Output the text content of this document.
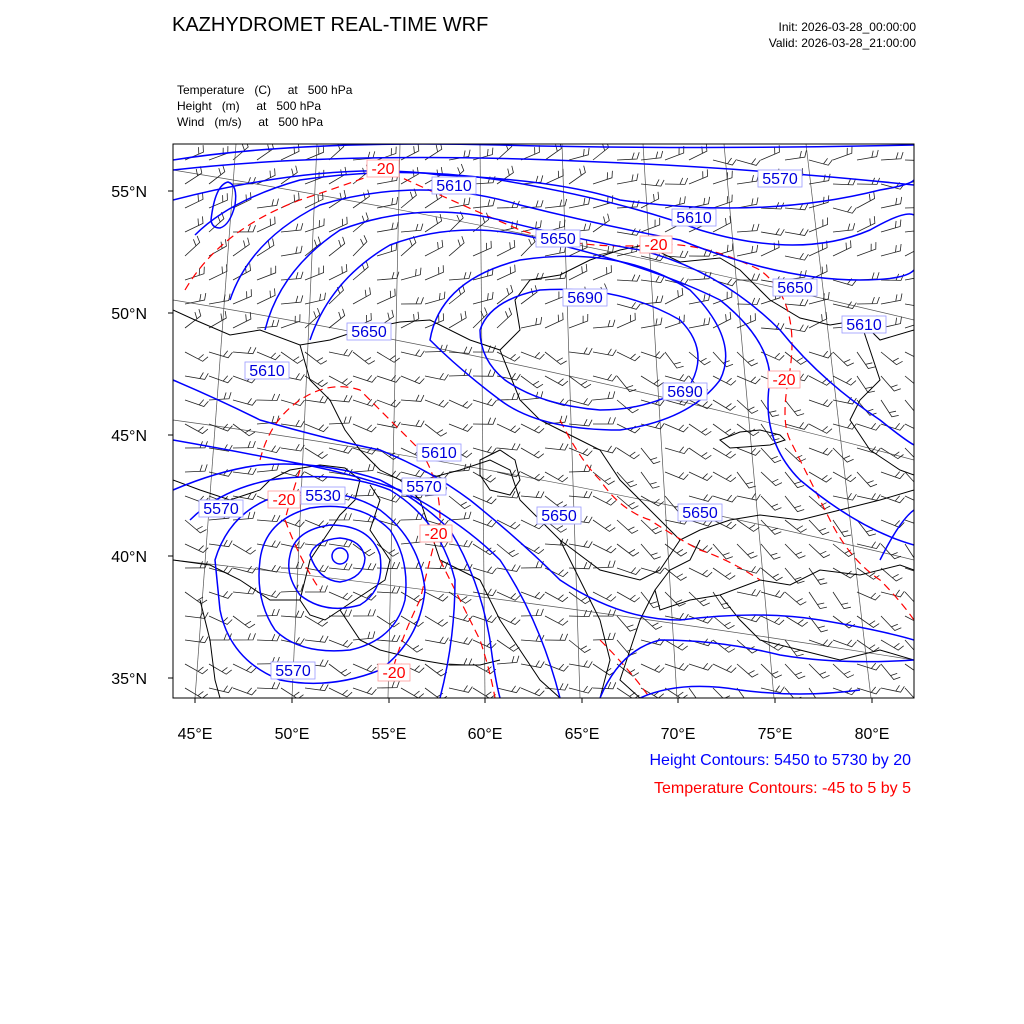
KAZHYDROMET REAL-TIME WRF	Init: 2026-03-28_00:00:00
Valid: 2026-03-28_21:00:00
Temperature   (C)     at   500 hPa
Height   (m)     at   500 hPa
Wind   (m/s)     at   500 hPa
55°N
50°N
45°N
40°N
35°N
45°E	50°E	55°E	60°E	65°E	70°E	75°E	80°E
5610	5570
5610
5650
5690
5650
5650	5610
5690
5610
5610
5570
5530
5570
5650	5650
5570
-20
-20
-20
-20
-20
-20
Height Contours: 5450 to 5730 by 20
Temperature Contours: -45 to 5 by 5
